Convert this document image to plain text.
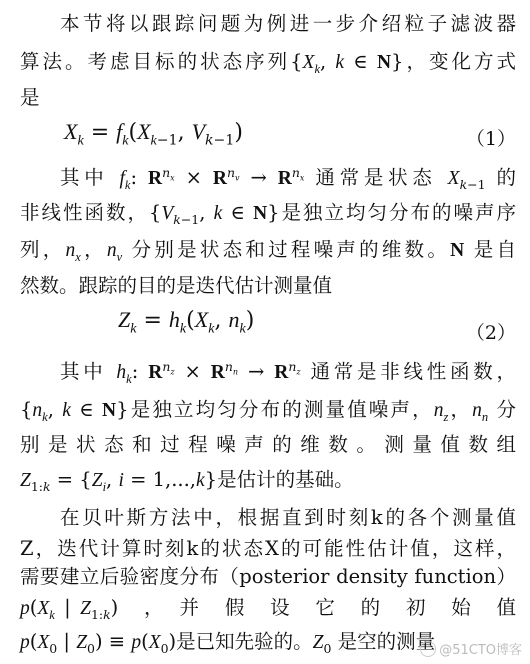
本节将以跟踪问题为例进一步介绍粒子滤波器
算法。考虑目标的状态序列{$X_k$, k ∈ N}，变化方式
是
$X_k = f_k(X_{k-1}$, $V_{k-1}$)	（1）
其中 $f_k$: $R^{n_x} \times R^{n_v} \to R^{n_x}$ 通常是状态 $X_{k-1}$ 的
非线性函数，{$V_{k-1}$, k ∈ N}是独立均匀分布的噪声序
列，$n_x$，$n_v$ 分别是状态和过程噪声的维数。N 是自
然数。跟踪的目的是迭代估计测量值
$Z_k = h_k(X_k$, $n_k$)	（2）
其中 $h_k$: $R^{n_z} \times R^{n_n} \to R^{n_z}$ 通常是非线性函数，
{$n_k$, k ∈ N}是独立均匀分布的测量值噪声，$n_z$，$n_n$ 分
别是状态和过程噪声的维数。测量值数组
$Z_{1:k} = \{Z_i$, i = 1,...,k}是估计的基础。
在贝叶斯方法中，根据直到时刻k的各个测量值
Z，迭代计算时刻k的状态X的可能性估计值，这样，
需要建立后验密度分布（posterior density function）
$p(X_k$ | $Z_{1:k}$)　，　并　假　设　它　的　初　始　值
$p(X_0$ | $Z_0) \equiv p(X_0)$是已知先验的。$Z_0$ 是空的测量 @51CTO博客
